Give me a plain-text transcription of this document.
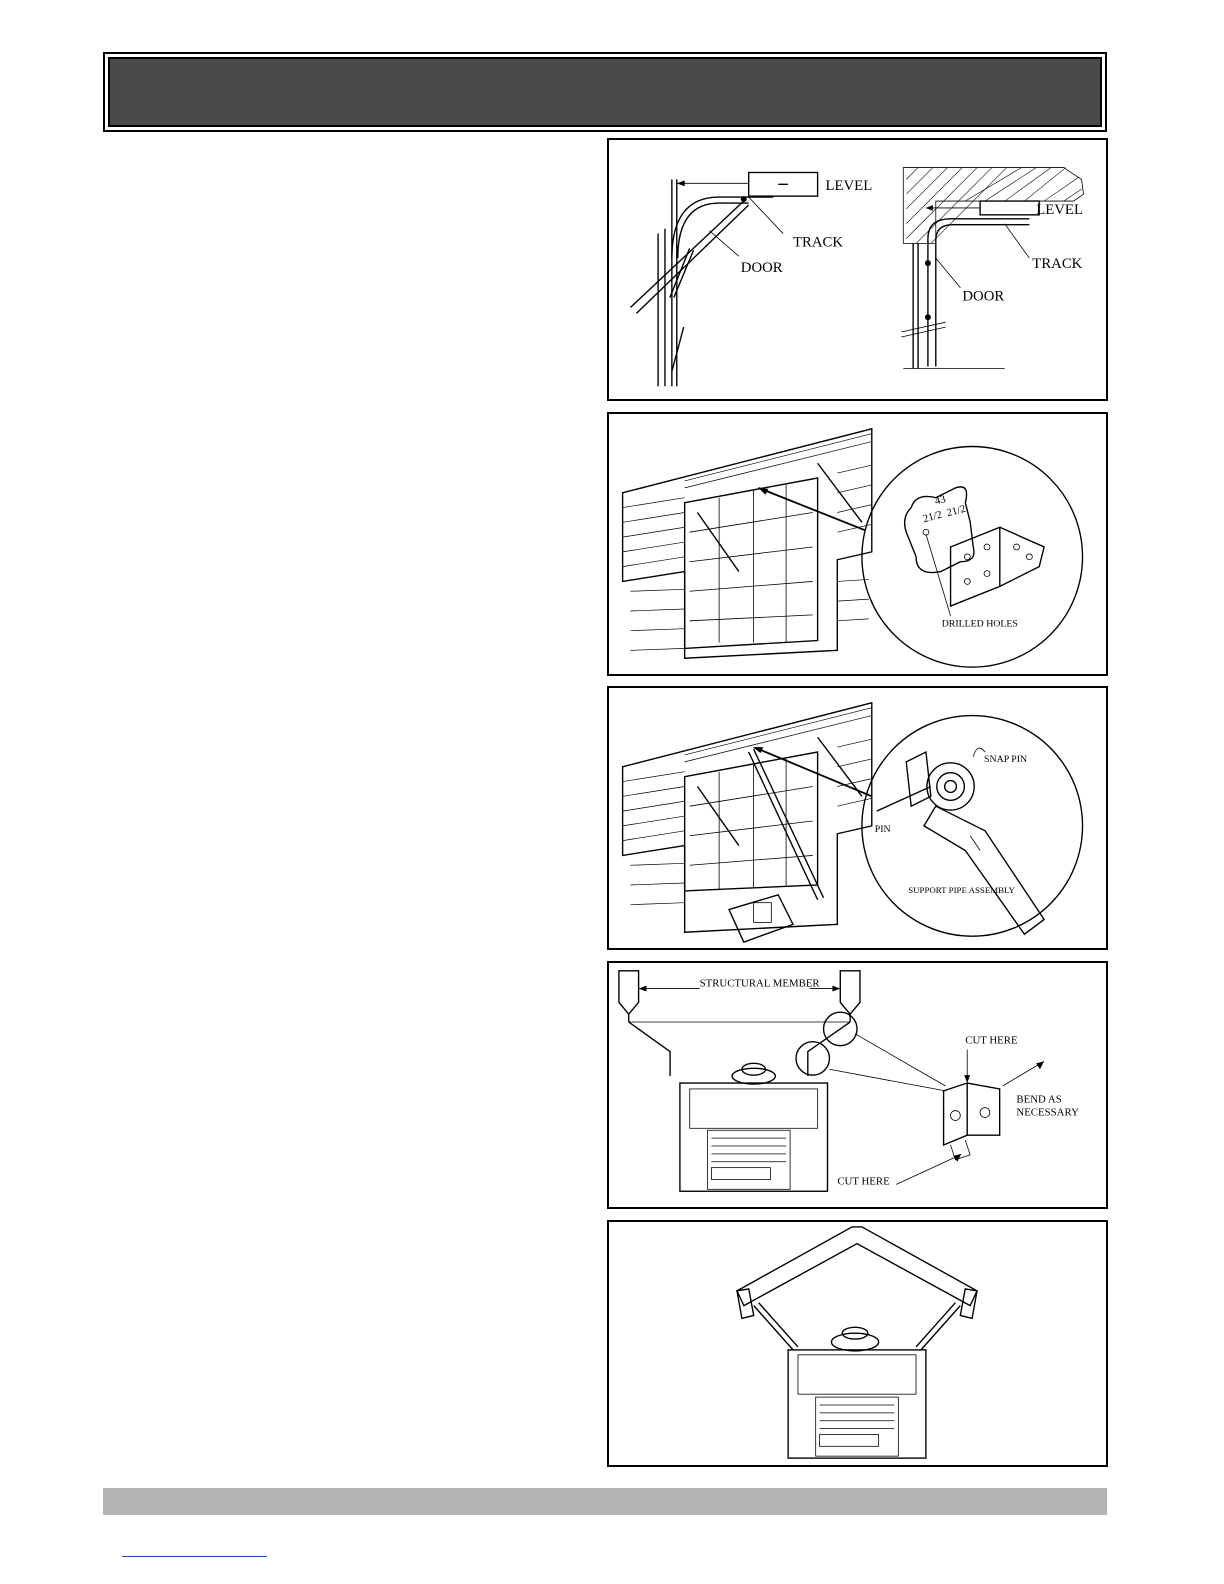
LEVEL
TRACK
DOOR
LEVEL
TRACK
DOOR
43
21/2 21/2
DRILLED HOLES
SNAP PIN
PIN
SUPPORT PIPE ASSEMBLY
STRUCTURAL MEMBER
CUT HERE
BEND AS
NECESSARY
CUT HERE
